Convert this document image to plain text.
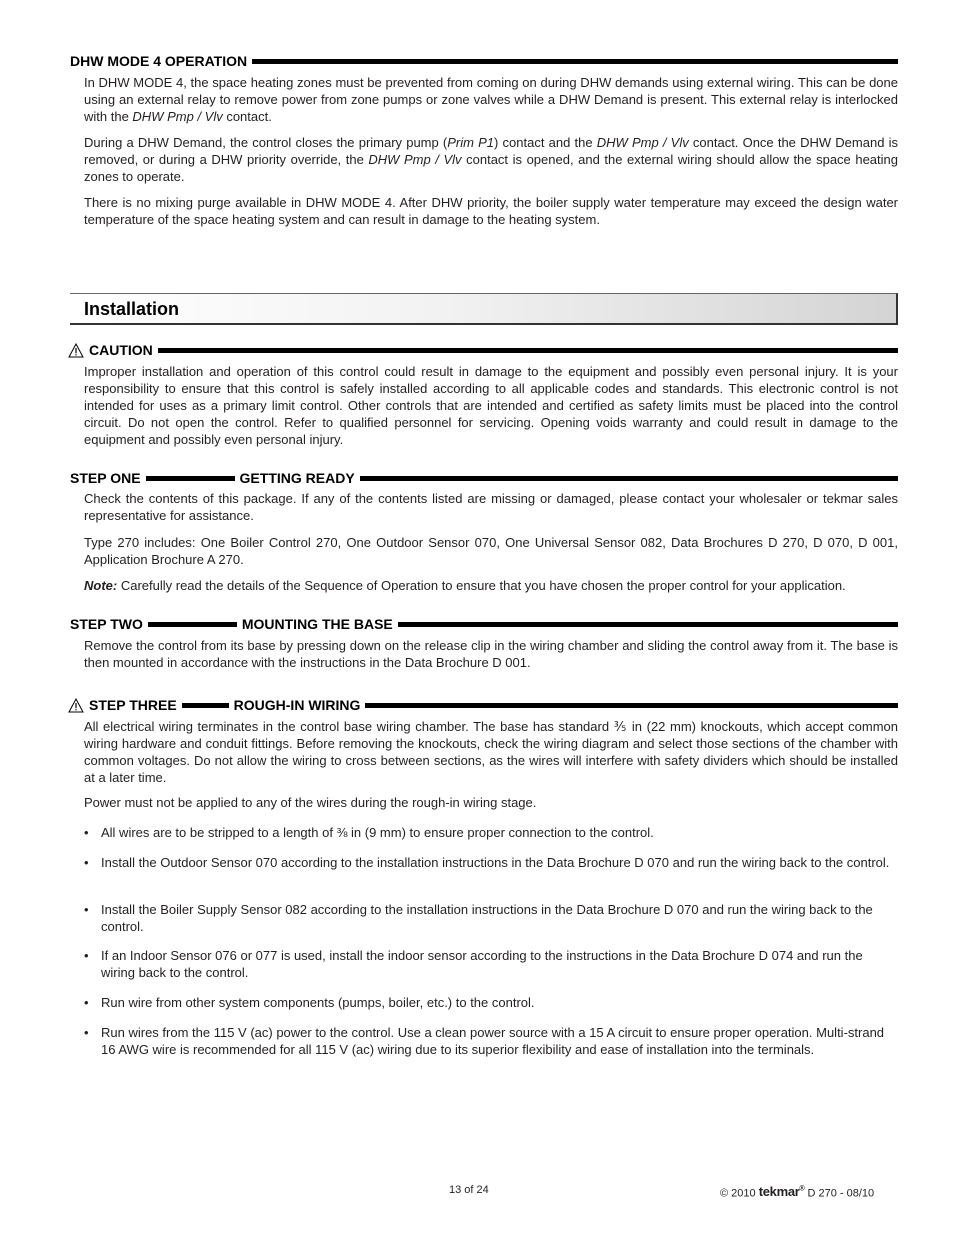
DHW MODE 4 OPERATION
In DHW MODE 4, the space heating zones must be prevented from coming on during DHW demands using external wiring. This can be done using an external relay to remove power from zone pumps or zone valves while a DHW Demand is present. This external relay is interlocked with the DHW Pmp / Vlv contact.
During a DHW Demand, the control closes the primary pump (Prim P1) contact and the DHW Pmp / Vlv contact. Once the DHW Demand is removed, or during a DHW priority override, the DHW Pmp / Vlv contact is opened, and the external wiring should allow the space heating zones to operate.
There is no mixing purge available in DHW MODE 4. After DHW priority, the boiler supply water temperature may exceed the design water temperature of the space heating system and can result in damage to the heating system.
Installation
CAUTION
Improper installation and operation of this control could result in damage to the equipment and possibly even personal injury. It is your responsibility to ensure that this control is safely installed according to all applicable codes and standards. This electronic control is not intended for uses as a primary limit control. Other controls that are intended and certified as safety limits must be placed into the control circuit. Do not open the control. Refer to qualified personnel for servicing. Opening voids warranty and could result in damage to the equipment and possibly even personal injury.
STEP ONE	GETTING READY
Check the contents of this package. If any of the contents listed are missing or damaged, please contact your wholesaler or tekmar sales representative for assistance.
Type 270 includes: One Boiler Control 270, One Outdoor Sensor 070, One Universal Sensor 082, Data Brochures D 270, D 070, D 001, Application Brochure A 270.
Note: Carefully read the details of the Sequence of Operation to ensure that you have chosen the proper control for your application.
STEP TWO	MOUNTING THE BASE
Remove the control from its base by pressing down on the release clip in the wiring chamber and sliding the control away from it. The base is then mounted in accordance with the instructions in the Data Brochure D 001.
STEP THREE	ROUGH-IN WIRING
All electrical wiring terminates in the control base wiring chamber. The base has standard ⅗ in (22 mm) knockouts, which accept common wiring hardware and conduit fittings. Before removing the knockouts, check the wiring diagram and select those sections of the chamber with common voltages. Do not allow the wiring to cross between sections, as the wires will interfere with safety dividers which should be installed at a later time.
Power must not be applied to any of the wires during the rough-in wiring stage.
• All wires are to be stripped to a length of ⅜ in (9 mm) to ensure proper connection to the control.
• Install the Outdoor Sensor 070 according to the installation instructions in the Data Brochure D 070 and run the wiring back to the control.
• Install the Boiler Supply Sensor 082 according to the installation instructions in the Data Brochure D 070 and run the wiring back to the control.
• If an Indoor Sensor 076 or 077 is used, install the indoor sensor according to the instructions in the Data Brochure D 074 and run the wiring back to the control.
• Run wire from other system components (pumps, boiler, etc.) to the control.
• Run wires from the 115 V (ac) power to the control. Use a clean power source with a 15 A circuit to ensure proper operation. Multi-strand 16 AWG wire is recommended for all 115 V (ac) wiring due to its superior flexibility and ease of installation into the terminals.
13 of 24	© 2010 tekmar® D 270 - 08/10
